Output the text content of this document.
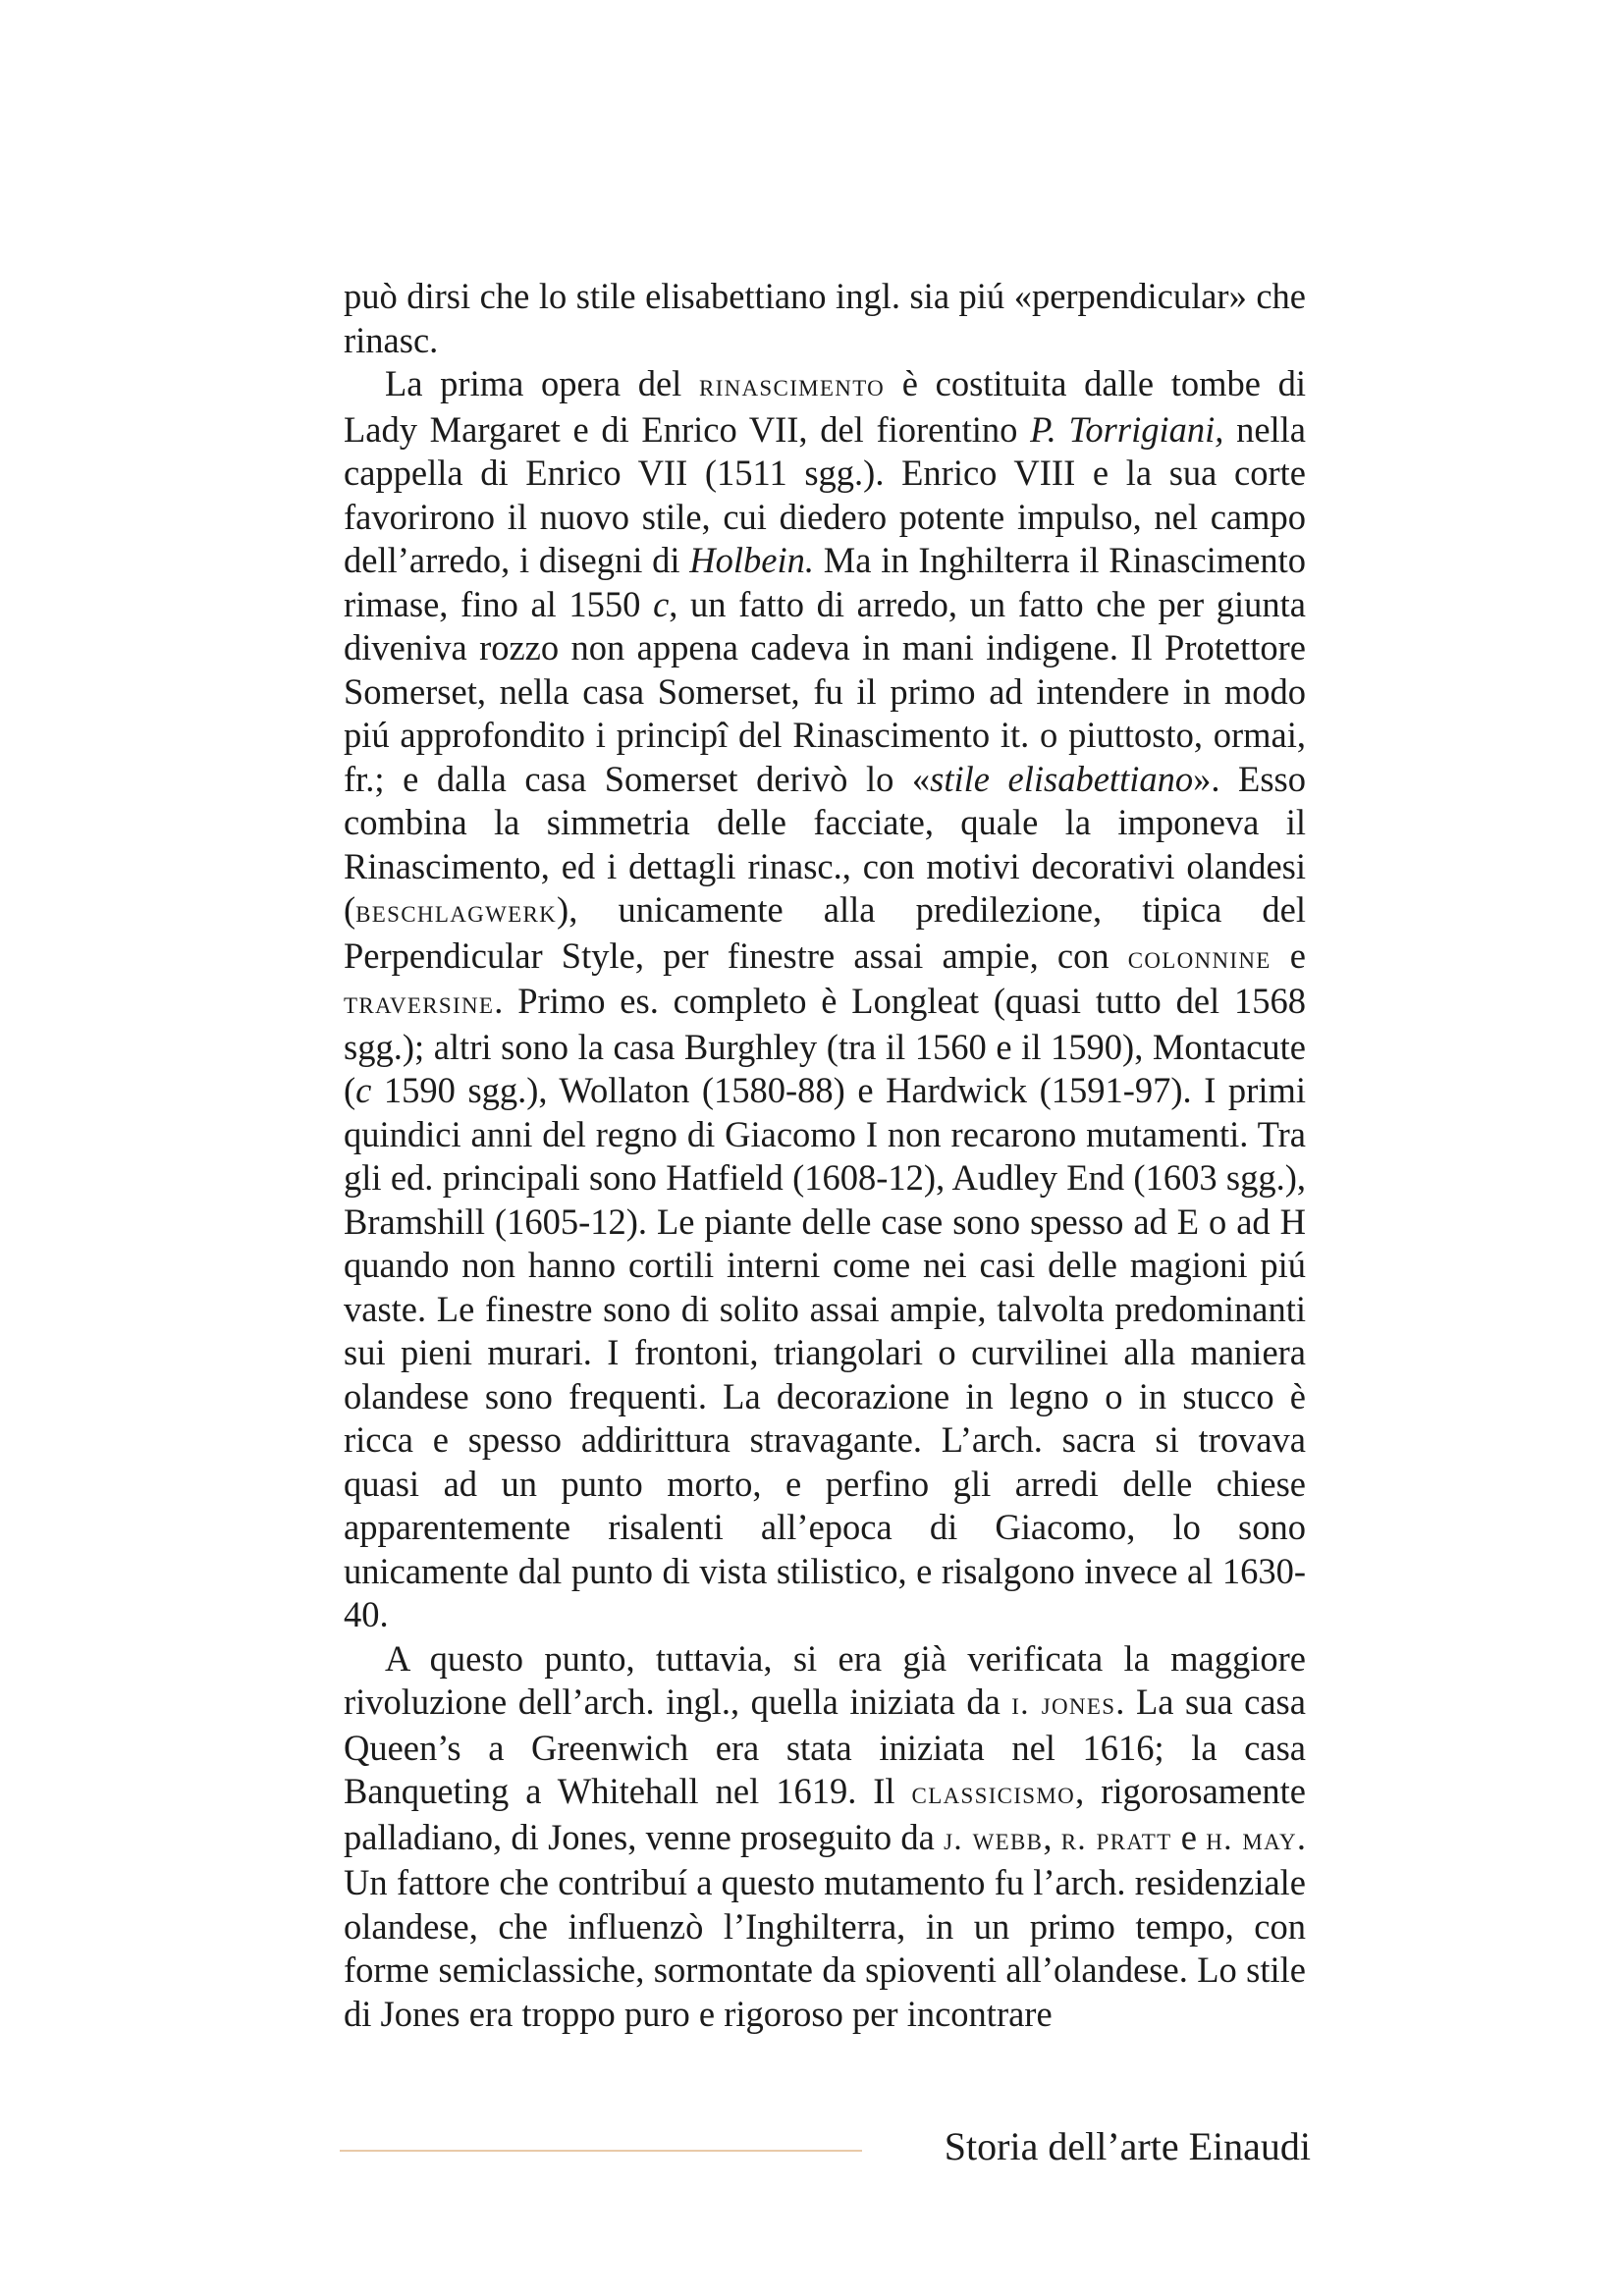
può dirsi che lo stile elisabettiano ingl. sia piú «perpendicular» che rinasc.

La prima opera del rinascimento è costituita dalle tombe di Lady Margaret e di Enrico VII, del fiorentino P. Torrigiani, nella cappella di Enrico VII (1511 sgg.). Enrico VIII e la sua corte favorirono il nuovo stile, cui diedero potente impulso, nel campo dell’arredo, i disegni di Holbein. Ma in Inghilterra il Rinascimento rimase, fino al 1550 c, un fatto di arredo, un fatto che per giunta diveniva rozzo non appena cadeva in mani indigene. Il Protettore Somerset, nella casa Somerset, fu il primo ad intendere in modo piú approfondito i principî del Rinascimento it. o piuttosto, ormai, fr.; e dalla casa Somerset derivò lo «stile elisabettiano». Esso combina la simmetria delle facciate, quale la imponeva il Rinascimento, ed i dettagli rinasc., con motivi decorativi olandesi (beschlagwerk), unicamente alla predilezione, tipica del Perpendicular Style, per finestre assai ampie, con colonnine e traversine. Primo es. completo è Longleat (quasi tutto del 1568 sgg.); altri sono la casa Burghley (tra il 1560 e il 1590), Montacute (c 1590 sgg.), Wollaton (1580-88) e Hardwick (1591-97). I primi quindici anni del regno di Giacomo I non recarono mutamenti. Tra gli ed. principali sono Hatfield (1608-12), Audley End (1603 sgg.), Bramshill (1605-12). Le piante delle case sono spesso ad E o ad H quando non hanno cortili interni come nei casi delle magioni piú vaste. Le finestre sono di solito assai ampie, talvolta predominanti sui pieni murari. I frontoni, triangolari o curvilinei alla maniera olandese sono frequenti. La decorazione in legno o in stucco è ricca e spesso addirittura stravagante. L’arch. sacra si trovava quasi ad un punto morto, e perfino gli arredi delle chiese apparentemente risalenti all’epoca di Giacomo, lo sono unicamente dal punto di vista stilistico, e risalgono invece al 1630-40.

A questo punto, tuttavia, si era già verificata la maggiore rivoluzione dell’arch. ingl., quella iniziata da i. jones. La sua casa Queen’s a Greenwich era stata iniziata nel 1616; la casa Banqueting a Whitehall nel 1619. Il classicismo, rigorosamente palladiano, di Jones, venne proseguito da j. webb, r. pratt e h. may. Un fattore che contribuí a questo mutamento fu l’arch. residenziale olandese, che influenzò l’Inghilterra, in un primo tempo, con forme semiclassiche, sormontate da spioventi all’olandese. Lo stile di Jones era troppo puro e rigoroso per incontrare

Storia dell’arte Einaudi
